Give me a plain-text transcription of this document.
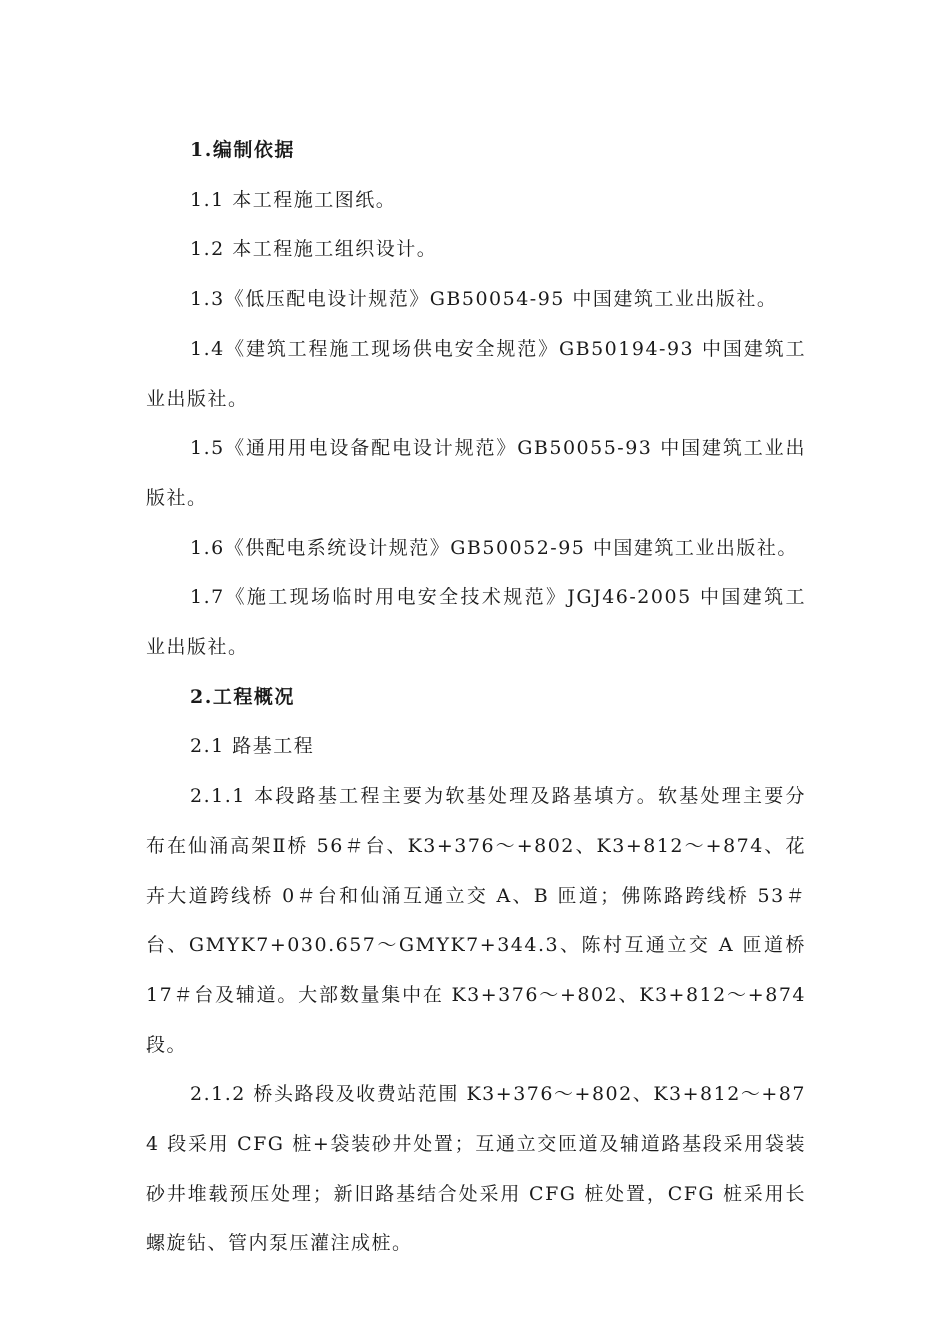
1.编制依据

1.1 本工程施工图纸。

1.2 本工程施工组织设计。

1.3《低压配电设计规范》GB50054-95 中国建筑工业出版社。

1.4《建筑工程施工现场供电安全规范》GB50194-93 中国建筑工业出版社。

1.5《通用用电设备配电设计规范》GB50055-93 中国建筑工业出版社。

1.6《供配电系统设计规范》GB50052-95 中国建筑工业出版社。

1.7《施工现场临时用电安全技术规范》JGJ46-2005 中国建筑工业出版社。

2.工程概况

2.1 路基工程

2.1.1 本段路基工程主要为软基处理及路基填方。软基处理主要分布在仙涌高架Ⅱ桥 56＃台、K3+376～+802、K3+812～+874、花卉大道跨线桥 0＃台和仙涌互通立交 A、B 匝道；佛陈路跨线桥 53＃台、GMYK7+030.657～GMYK7+344.3、陈村互通立交 A 匝道桥 17＃台及辅道。大部数量集中在 K3+376～+802、K3+812～+874 段。

2.1.2 桥头路段及收费站范围 K3+376～+802、K3+812～+874 段采用 CFG 桩+袋装砂井处置；互通立交匝道及辅道路基段采用袋装砂井堆载预压处理；新旧路基结合处采用 CFG 桩处置，CFG 桩采用长螺旋钻、管内泵压灌注成桩。
